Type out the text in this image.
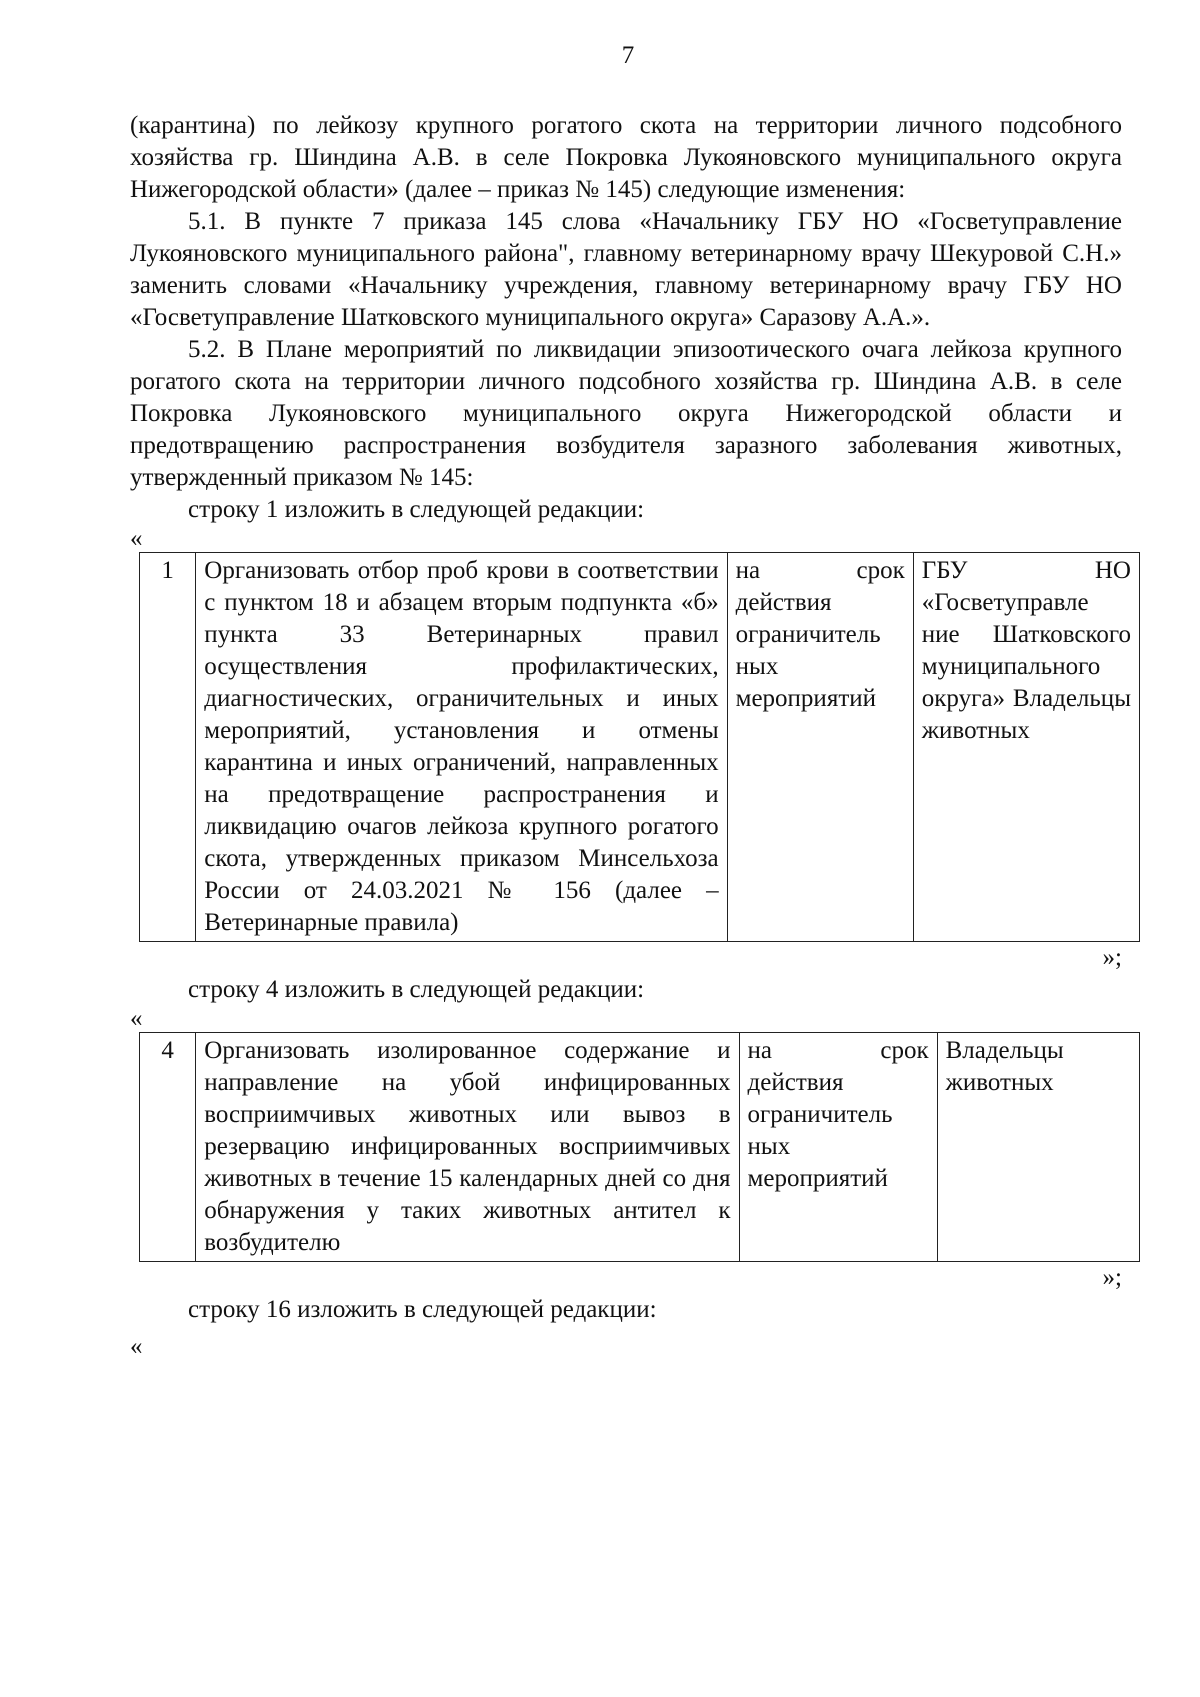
7

(карантина) по лейкозу крупного рогатого скота на территории личного подсобного хозяйства гр. Шиндина А.В. в селе Покровка Лукояновского муниципального округа Нижегородской области» (далее – приказ № 145) следующие изменения:

5.1. В пункте 7 приказа 145 слова «Начальнику ГБУ НО «Госветуправление Лукояновского муниципального района", главному ветеринарному врачу Шекуровой С.Н.» заменить словами «Начальнику учреждения, главному ветеринарному врачу ГБУ НО «Госветуправление Шатковского муниципального округа» Саразову А.А.».

5.2. В Плане мероприятий по ликвидации эпизоотического очага лейкоза крупного рогатого скота на территории личного подсобного хозяйства гр. Шиндина А.В. в селе Покровка Лукояновского муниципального округа Нижегородской области и предотвращению распространения возбудителя заразного заболевания животных, утвержденный приказом № 145:

строку 1 изложить в следующей редакции:

«
1	Организовать отбор проб крови в соответствии с пунктом 18 и абзацем вторым подпункта «б» пункта 33 Ветеринарных правил осуществления профилактических, диагностических, ограничительных и иных мероприятий, установления и отмены карантина и иных ограничений, направленных на предотвращение распространения и ликвидацию очагов лейкоза крупного рогатого скота, утвержденных приказом Минсельхоза России от 24.03.2021 № 156 (далее – Ветеринарные правила)	на срок действия ограничитель ных мероприятий	ГБУ НО «Госветуправле ние Шатковского муниципального округа» Владельцы животных
»;

строку 4 изложить в следующей редакции:

«
4	Организовать изолированное содержание и направление на убой инфицированных восприимчивых животных или вывоз в резервацию инфицированных восприимчивых животных в течение 15 календарных дней со дня обнаружения у таких животных антител к возбудителю	на срок действия ограничитель ных мероприятий	Владельцы животных
»;

строку 16 изложить в следующей редакции:

«
